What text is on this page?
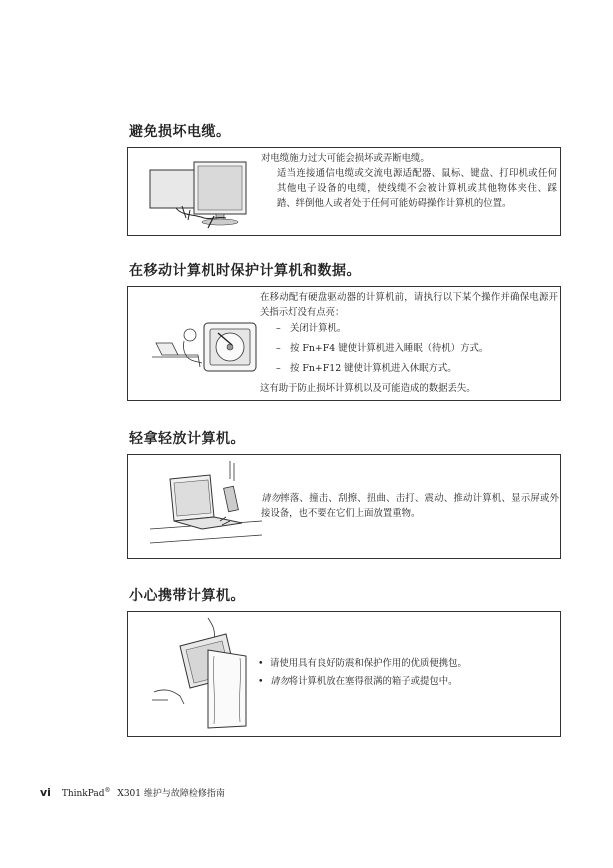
避免损坏电缆。

对电缆施力过大可能会损坏或弄断电缆。

适当连接通信电缆或交流电源适配器、鼠标、键盘、打印机或任何其他电子设备的电缆，使线缆不会被计算机或其他物体夹住、踩踏、绊倒他人或者处于任何可能妨碍操作计算机的位置。

在移动计算机时保护计算机和数据。

在移动配有硬盘驱动器的计算机前，请执行以下某个操作并确保电源开关指示灯没有点亮：

– 关闭计算机。

– 按 Fn+F4 键使计算机进入睡眠（待机）方式。

– 按 Fn+F12 键使计算机进入休眠方式。

这有助于防止损坏计算机以及可能造成的数据丢失。

轻拿轻放计算机。

请勿摔落、撞击、刮擦、扭曲、击打、震动、推动计算机、显示屏或外接设备，也不要在它们上面放置重物。

小心携带计算机。

• 请使用具有良好防震和保护作用的优质便携包。

• 请勿将计算机放在塞得很满的箱子或提包中。

vi ThinkPad® X301 维护与故障检修指南
